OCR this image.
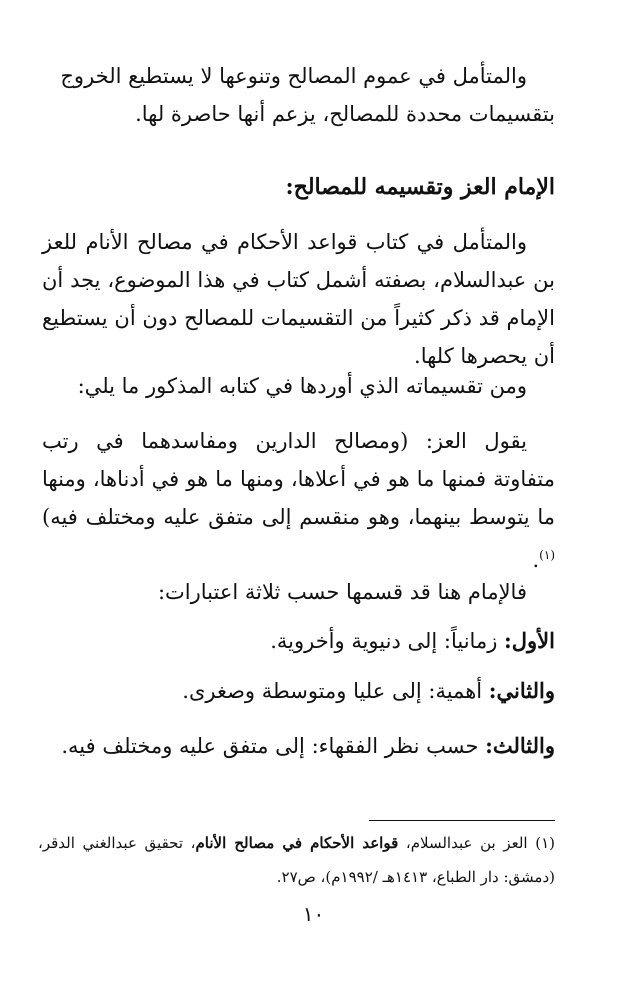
والمتأمل في عموم المصالح وتنوعها لا يستطيع الخروج

بتقسيمات محددة للمصالح، يزعم أنها حاصرة لها.

الإمام العز وتقسيمه للمصالح:

والمتأمل في كتاب قواعد الأحكام في مصالح الأنام للعز بن عبدالسلام، بصفته أشمل كتاب في هذا الموضوع، يجد أن الإمام قد ذكر كثيراً من التقسيمات للمصالح دون أن يستطيع أن يحصرها كلها.

ومن تقسيماته الذي أوردها في كتابه المذكور ما يلي:

يقول العز: (ومصالح الدارين ومفاسدهما في رتب متفاوتة فمنها ما هو في أعلاها، ومنها ما هو في أدناها، ومنها ما يتوسط بينهما، وهو منقسم إلى متفق عليه ومختلف فيه)$^{(١)}$.

فالإمام هنا قد قسمها حسب ثلاثة اعتبارات:

الأول: زمانياً: إلى دنيوية وأخروية.

والثاني: أهمية: إلى عليا ومتوسطة وصغرى.

والثالث: حسب نظر الفقهاء: إلى متفق عليه ومختلف فيه.

(١) العز بن عبدالسلام، قواعد الأحكام في مصالح الأنام، تحقيق عبدالغني الدقر، (دمشق: دار الطباع، ١٤١٣هـ /١٩٩٢م)، ص٢٧.

١٠
